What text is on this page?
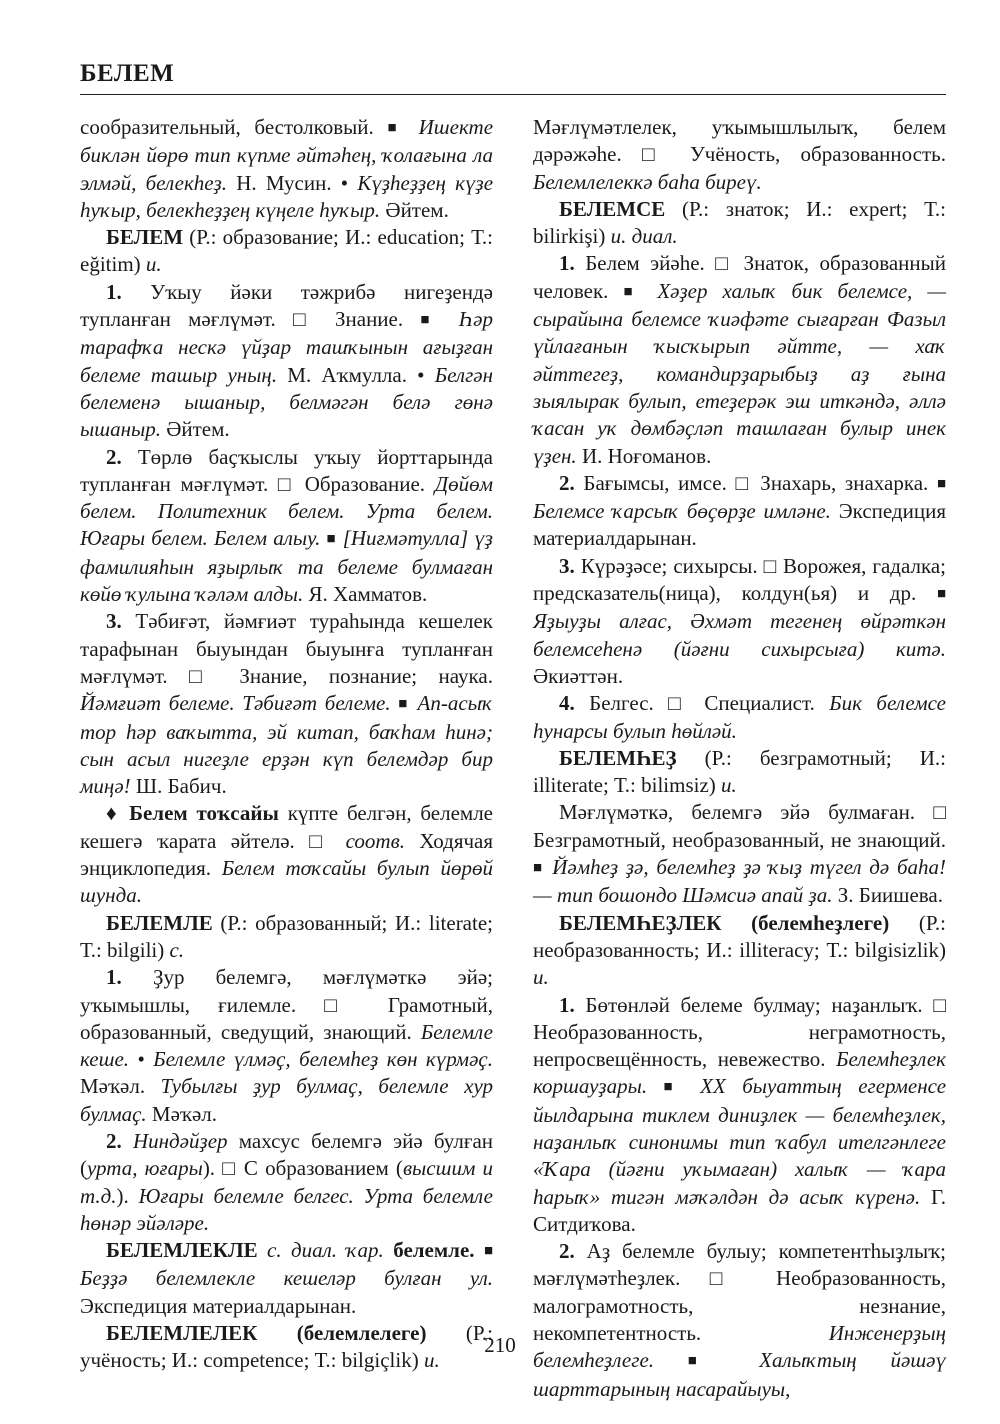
БЕЛЕМ

сообразительный, бестолковый. ■ Ишекте биклән йөрө тип күпме әйтәһең, ҡолағына ла элмәй, белекһеҙ. Н. Мусин. • Күҙһеҙҙең күҙе һуҡыр, белекһеҙҙең күңеле һуҡыр. Әйтем.

БЕЛЕМ (Р.: образование; И.: education; Т.: eğitim) и.

1. Уҡыу йәки тәжрибә нигеҙендә тупланған мәғлүмәт. □ Знание. ■ Һәр тарафҡа нескә үйҙар ташҡынын ағыҙған белеме ташыр уның. М. Аҡмулла. • Белгән белеменә ышаныр, белмәгән белә гөнә ышаныр. Әйтем.

2. Төрлө баҫҡыслы уҡыу йорттарында тупланған мәғлүмәт. □ Образование. Дөйөм белем. Политехник белем. Урта белем. Юғары белем. Белем алыу. ■ [Ниғмәтулла] үҙ фамилияһын яҙырлыҡ та белеме булмаған көйө ҡулына ҡәләм алды. Я. Хамматов.

3. Тәбиғәт, йәмғиәт тураһында кешелек тарафынан быуындан быуынға тупланған мәғлүмәт. □ Знание, познание; наука. Йәмғиәт белеме. Тәбиғәт белеме. ■ Ап-асыҡ тор һәр ваҡытта, эй китап, баҡһам һинә; сын асыл нигеҙле ерҙән күп белемдәр бир миңә! Ш. Бабич.

♦ Белем тоҡсайы күпте белгән, белемле кешегә ҡарата әйтелә. □ соотв. Ходячая энциклопедия. Белем тоҡсайы булып йөрөй шунда.

БЕЛЕМЛЕ (Р.: образованный; И.: literate; Т.: bilgili) с.

1. Ҙур белемгә, мәғлүмәткә эйә; уҡымышлы, ғилемле. □ Грамотный, образованный, сведущий, знающий. Белемле кеше. • Белемле үлмәҫ, белемһеҙ көн күрмәҫ. Мәҡәл. Тубылғы ҙур булмаҫ, белемле хур булмаҫ. Мәҡәл.

2. Ниндәйҙер махсус белемгә эйә булған (урта, юғары). □ С образованием (высшим и т.д.). Юғары белемле белгес. Урта белемле һөнәр эйәләре.

БЕЛЕМЛЕКЛЕ с. диал. ҡар. белемле. ■ Беҙҙә белемлекле кешеләр булған ул. Экспедиция материалдарынан.

БЕЛЕМЛЕЛЕК (белемлелеге) (Р.: учёность; И.: competence; Т.: bilgiçlik) и.

Мәғлүмәтлелек, уҡымышлылыҡ, белем дәрәжәһе. □ Учёность, образованность. Белемлелеккә баһа биреү.

БЕЛЕМСЕ (Р.: знаток; И.: expert; Т.: bilirkişi) и. диал.

1. Белем эйәһе. □ Знаток, образованный человек. ■ Хәҙер халыҡ бик белемсе, — сырайына белемсе ҡиәфәте сығарған Фазыл үйлағанын ҡысҡырып әйтте, — хаҡ әйттегеҙ, командирҙарыбыҙ аҙ ғына зыялырак булып, етеҙерәк эш иткәндә, әллә ҡасан уҡ дөмбәҫләп ташлаған булыр инек үҙен. И. Ноғоманов.

2. Бағымсы, имсе. □ Знахарь, знахарка. ■ Белемсе ҡарсыҡ бөҫөрҙе имләне. Экспедиция материалдарынан.

3. Күрәҙәсе; сихырсы. □ Ворожея, гадалка; предсказатель(ница), колдун(ья) и др. ■ Яҙыуҙы алғас, Әхмәт тегенең өйрәткән белемсеһенә (йәғни сихырсыға) китә. Әкиәттән.

4. Белгес. □ Специалист. Бик белемсе һунарсы булып һөйләй.

БЕЛЕМҺЕҘ (Р.: безграмотный; И.: illiterate; Т.: bilimsiz) и.

Мәғлүмәткә, белемгә эйә булмаған. □ Безграмотный, необразованный, не знающий. ■ Йәмһеҙ ҙә, белемһеҙ ҙә ҡыҙ түгел дә баһа! — тип бошондо Шәмсиә апай ҙа. З. Биишева.

БЕЛЕМҺЕҘЛЕК (белемһеҙлеге) (Р.: необразованность; И.: illiteracy; Т.: bilgisizlik) и.

1. Бөтөнләй белеме булмау; наҙанлыҡ. □ Необразованность, неграмотность, непросвещённость, невежество. Белемһеҙлек коршауҙары. ■ XX быуаттың егерменсе йылдарына тиклем диниҙлек — белемһеҙлек, наҙанлыҡ синонимы тип ҡабул ителгәнлеге «Ҡара (йәғни уҡымаған) халыҡ — ҡара һарыҡ» тигән мәҡәлдән дә асыҡ күренә. Г. Ситдиҡова.

2. Аҙ белемле булыу; компетентһыҙлыҡ; мәғлүмәтһеҙлек. □ Необразованность, малограмотность, незнание, некомпетентность. Инженерҙың белемһеҙлеге. ■ Халыҡтың йәшәү шарттарының насарайыуы,

210
